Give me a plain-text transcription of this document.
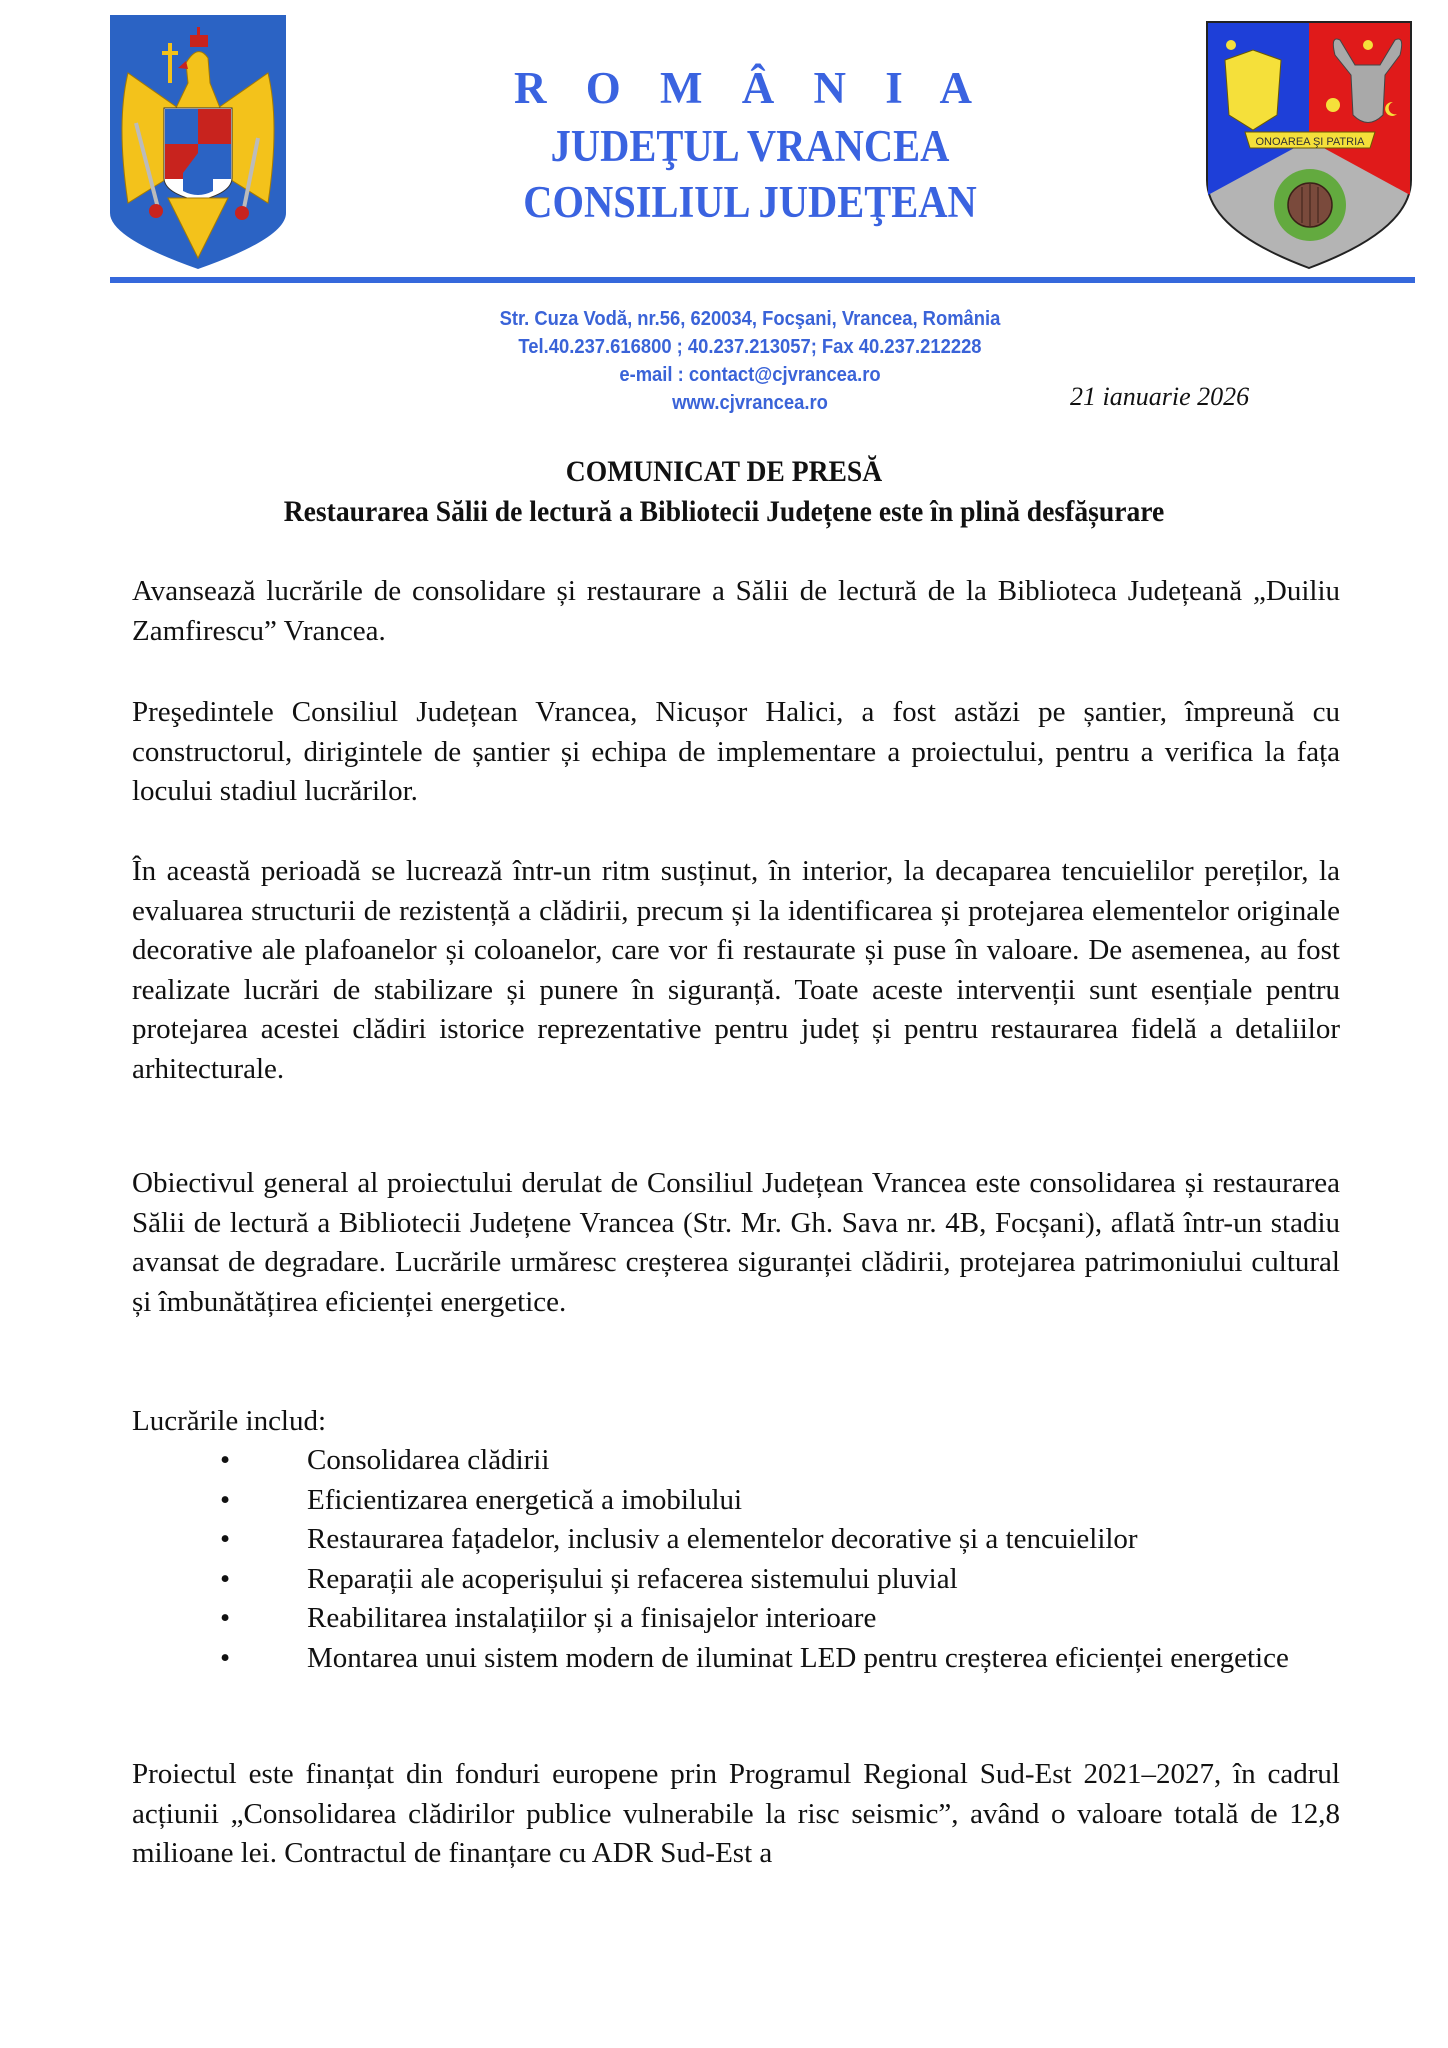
ONOAREA ŞI PATRIA
R O M Â N I A
JUDEŢUL VRANCEA
CONSILIUL JUDEŢEAN
Str. Cuza Vodă, nr.56, 620034, Focşani, Vrancea, România
Tel.40.237.616800 ; 40.237.213057; Fax 40.237.212228
e-mail : contact@cjvrancea.ro
www.cjvrancea.ro	21 ianuarie 2026
COMUNICAT DE PRESĂ
Restaurarea Sălii de lectură a Bibliotecii Județene este în plină desfășurare

Avansează lucrările de consolidare și restaurare a Sălii de lectură de la Biblioteca Județeană „Duiliu Zamfirescu” Vrancea.

Preşedintele Consiliul Județean Vrancea, Nicușor Halici, a fost astăzi pe șantier, împreună cu constructorul, dirigintele de șantier și echipa de implementare a proiectului, pentru a verifica la fața locului stadiul lucrărilor.

În această perioadă se lucrează într-un ritm susținut, în interior, la decaparea tencuielilor pereților, la evaluarea structurii de rezistență a clădirii, precum și la identificarea și protejarea elementelor originale decorative ale plafoanelor și coloanelor, care vor fi restaurate și puse în valoare. De asemenea, au fost realizate lucrări de stabilizare și punere în siguranță. Toate aceste intervenții sunt esențiale pentru protejarea acestei clădiri istorice reprezentative pentru județ și pentru restaurarea fidelă a detaliilor arhitecturale.

Obiectivul general al proiectului derulat de Consiliul Județean Vrancea este consolidarea și restaurarea Sălii de lectură a Bibliotecii Județene Vrancea (Str. Mr. Gh. Sava nr. 4B, Focșani), aflată într-un stadiu avansat de degradare. Lucrările urmăresc creșterea siguranței clădirii, protejarea patrimoniului cultural și îmbunătățirea eficienței energetice.

Lucrările includ:

•	Consolidarea clădirii
•	Eficientizarea energetică a imobilului
•	Restaurarea fațadelor, inclusiv a elementelor decorative și a tencuielilor
•	Reparații ale acoperișului și refacerea sistemului pluvial
•	Reabilitarea instalațiilor și a finisajelor interioare
•	Montarea unui sistem modern de iluminat LED pentru creșterea eficienței energetice

Proiectul este finanțat din fonduri europene prin Programul Regional Sud-Est 2021–2027, în cadrul acțiunii „Consolidarea clădirilor publice vulnerabile la risc seismic”, având o valoare totală de 12,8 milioane lei. Contractul de finanțare cu ADR Sud-Est a
